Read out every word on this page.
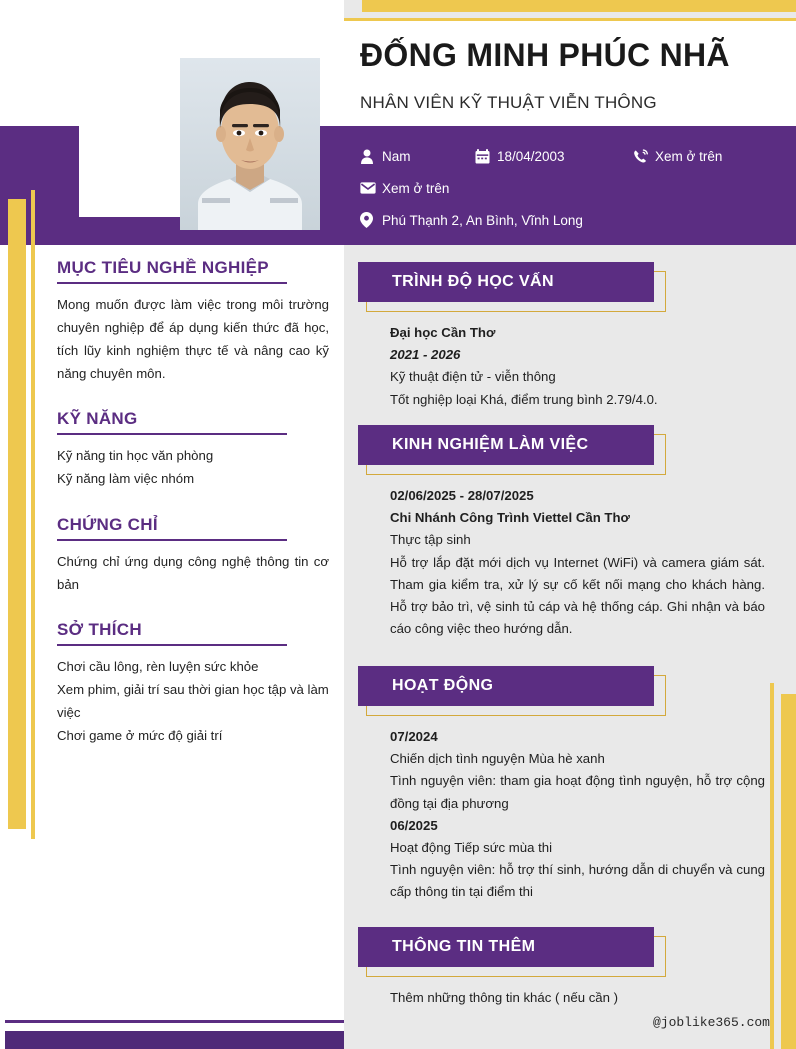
ĐỐNG MINH PHÚC NHÃ
NHÂN VIÊN KỸ THUẬT VIỄN THÔNG
Nam	18/04/2003	Xem ở trên
Xem ở trên
Phú Thạnh 2, An Bình, Vĩnh Long
MỤC TIÊU NGHỀ NGHIỆP

Mong muốn được làm việc trong môi trường chuyên nghiệp để áp dụng kiến thức đã học, tích lũy kinh nghiệm thực tế và nâng cao kỹ năng chuyên môn.

KỸ NĂNG
Kỹ năng tin học văn phòng
Kỹ năng làm việc nhóm
CHỨNG CHỈ

Chứng chỉ ứng dụng công nghệ thông tin cơ bản

SỞ THÍCH
Chơi cầu lông, rèn luyện sức khỏe
Xem phim, giải trí sau thời gian học tập và làm việc
Chơi game ở mức độ giải trí
TRÌNH ĐỘ HỌC VẤN

Đại học Cần Thơ

2021 - 2026

Kỹ thuật điện tử - viễn thông

Tốt nghiệp loại Khá, điểm trung bình 2.79/4.0.

KINH NGHIỆM LÀM VIỆC

02/06/2025 - 28/07/2025

Chi Nhánh Công Trình Viettel Cần Thơ

Thực tập sinh

Hỗ trợ lắp đặt mới dịch vụ Internet (WiFi) và camera giám sát. Tham gia kiểm tra, xử lý sự cố kết nối mạng cho khách hàng. Hỗ trợ bảo trì, vệ sinh tủ cáp và hệ thống cáp. Ghi nhận và báo cáo công việc theo hướng dẫn.

HOẠT ĐỘNG

07/2024

Chiến dịch tình nguyện Mùa hè xanh

Tình nguyện viên: tham gia hoạt động tình nguyện, hỗ trợ cộng đồng tại địa phương

06/2025

Hoạt động Tiếp sức mùa thi

Tình nguyện viên: hỗ trợ thí sinh, hướng dẫn di chuyển và cung cấp thông tin tại điểm thi

THÔNG TIN THÊM

Thêm những thông tin khác ( nếu cần )

@joblike365.com
